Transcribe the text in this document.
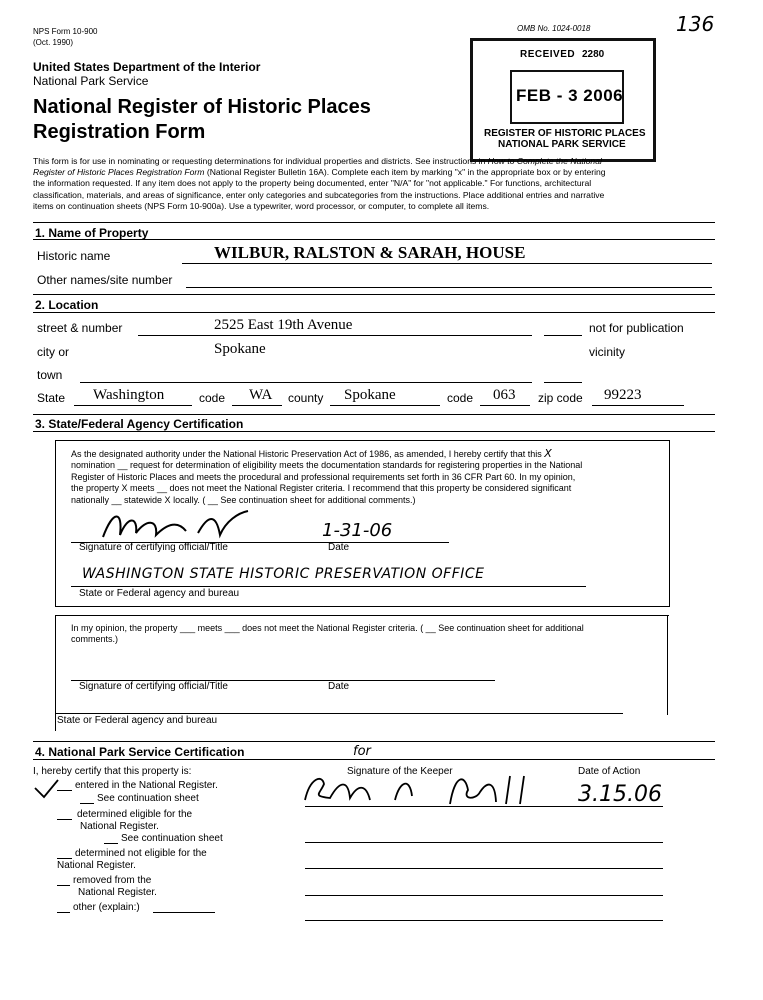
NPS Form 10-900
(Oct. 1990)
OMB No. 1024-0018	136
United States Department of the Interior
National Park Service
National Register of Historic Places
Registration Form
RECEIVED 2280
FEB - 3 2006
REGISTER OF HISTORIC PLACES
NATIONAL PARK SERVICE
This form is for use in nominating or requesting determinations for individual properties and districts. See instructions in How to Complete the National
Register of Historic Places Registration Form (National Register Bulletin 16A). Complete each item by marking "x" in the appropriate box or by entering
the information requested. If any item does not apply to the property being documented, enter "N/A" for "not applicable." For functions, architectural
classification, materials, and areas of significance, enter only categories and subcategories from the instructions. Place additional entries and narrative
items on continuation sheets (NPS Form 10-900a). Use a typewriter, word processor, or computer, to complete all items.
1. Name of Property
Historic name	WILBUR, RALSTON & SARAH, HOUSE
Other names/site number
2. Location
street & number	2525 East 19th Avenue	not for publication
city or
town
Spokane	vicinity
State Washington	code WA county Spokane	code 063 zip code 99223
3. State/Federal Agency Certification
As the designated authority under the National Historic Preservation Act of 1986, as amended, I hereby certify that this X
nomination __ request for determination of eligibility meets the documentation standards for registering properties in the National
Register of Historic Places and meets the procedural and professional requirements set forth in 36 CFR Part 60. In my opinion,
the property X meets __ does not meet the National Register criteria. I recommend that this property be considered significant
nationally __ statewide X locally. ( __ See continuation sheet for additional comments.)
1-31-06
Signature of certifying official/Title	Date
WASHINGTON STATE HISTORIC PRESERVATION OFFICE
State or Federal agency and bureau
In my opinion, the property ___ meets ___ does not meet the National Register criteria. ( __ See continuation sheet for additional
comments.)
Signature of certifying official/Title	Date
State or Federal agency and bureau
4. National Park Service Certification
I, hereby certify that this property is:	Signature of the Keeper
for
Date of Action
3.15.06
entered in the National Register.
See continuation sheet
determined eligible for the
National Register.
See continuation sheet
determined not eligible for the
National Register.
removed from the
National Register.
other (explain:)
